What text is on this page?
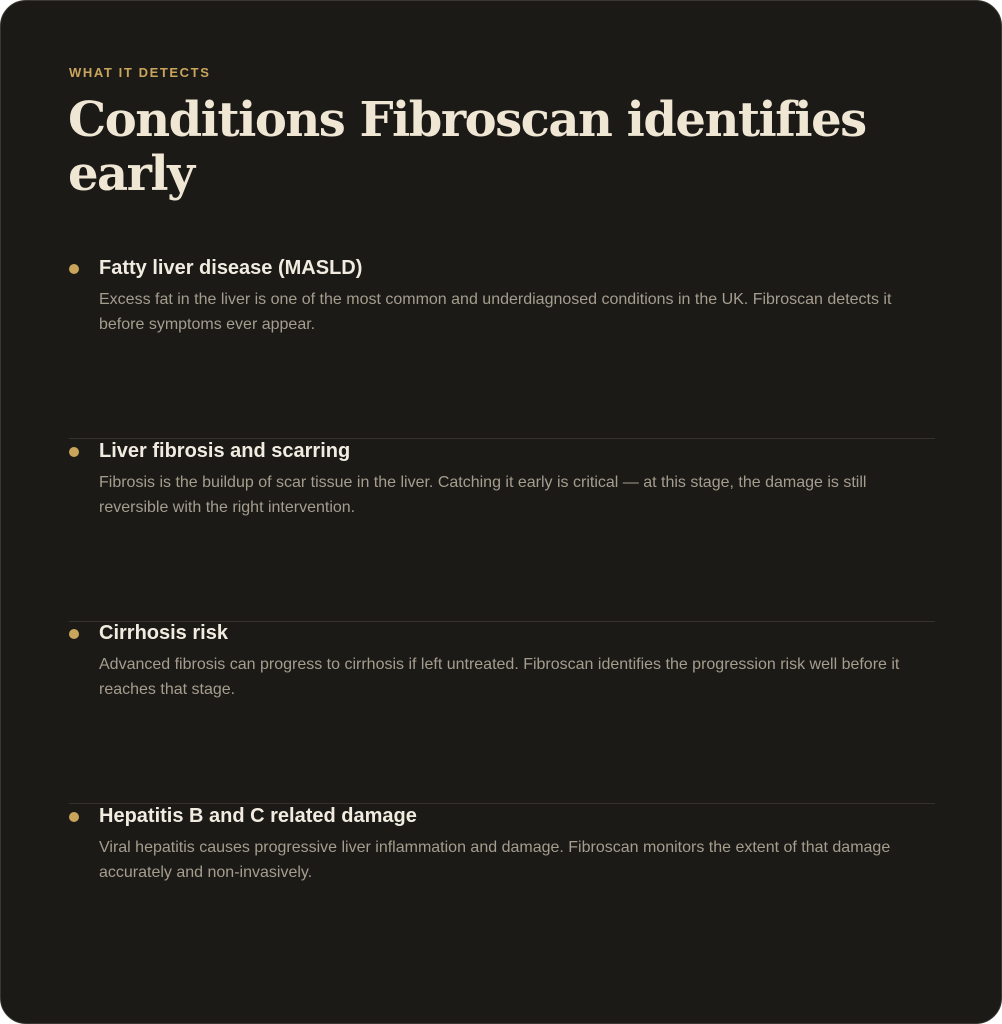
WHAT IT DETECTS
Conditions Fibroscan identifies early
Fatty liver disease (MASLD)

Excess fat in the liver is one of the most common and underdiagnosed conditions in the UK. Fibroscan detects it before symptoms ever appear.

Liver fibrosis and scarring

Fibrosis is the buildup of scar tissue in the liver. Catching it early is critical — at this stage, the damage is still reversible with the right intervention.

Cirrhosis risk

Advanced fibrosis can progress to cirrhosis if left untreated. Fibroscan identifies the progression risk well before it reaches that stage.

Hepatitis B and C related damage

Viral hepatitis causes progressive liver inflammation and damage. Fibroscan monitors the extent of that damage accurately and non-invasively.
